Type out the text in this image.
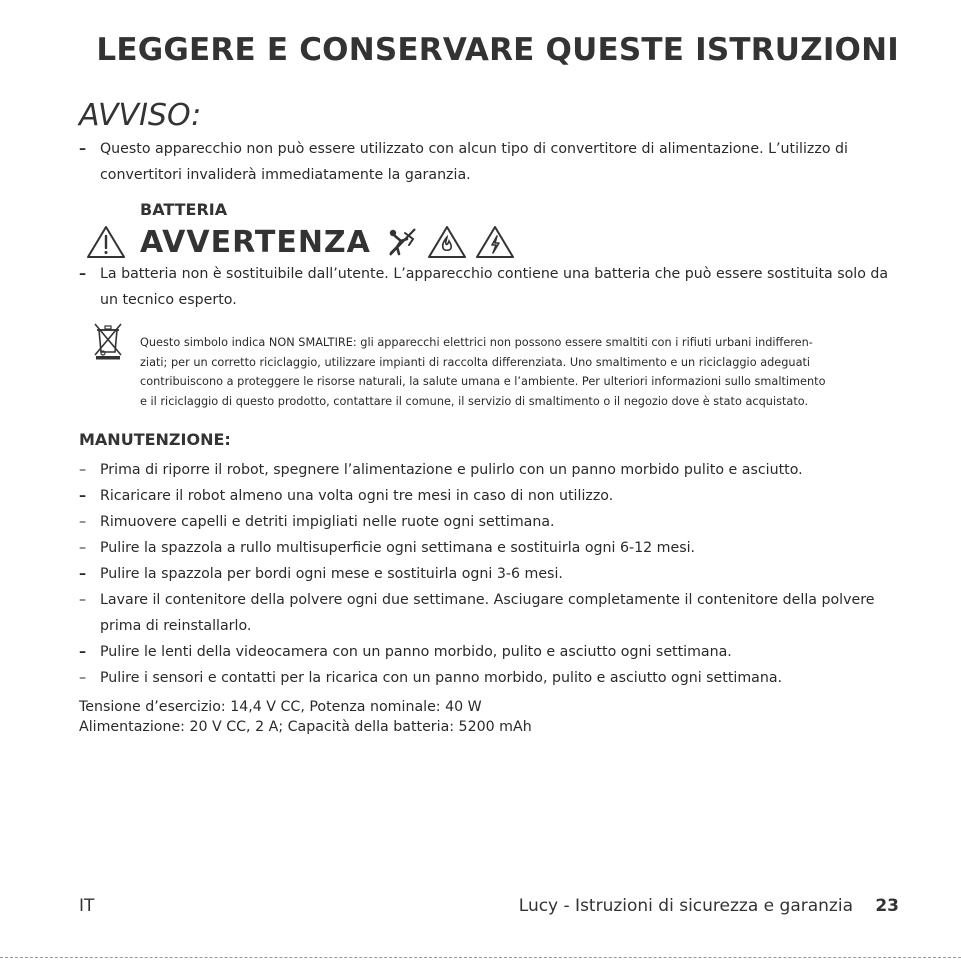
LEGGERE E CONSERVARE QUESTE ISTRUZIONI
AVVISO:
– Questo apparecchio non può essere utilizzato con alcun tipo di convertitore di alimentazione. L’utilizzo di convertitori invaliderà immediatamente la garanzia.
BATTERIA
AVVERTENZA
– La batteria non è sostituibile dall’utente. L’apparecchio contiene una batteria che può essere sostituita solo da un tecnico esperto.
Questo simbolo indica NON SMALTIRE: gli apparecchi elettrici non possono essere smaltiti con i rifiuti urbani indifferen-
ziati; per un corretto riciclaggio, utilizzare impianti di raccolta differenziata. Uno smaltimento e un riciclaggio adeguati
contribuiscono a proteggere le risorse naturali, la salute umana e l’ambiente. Per ulteriori informazioni sullo smaltimento
e il riciclaggio di questo prodotto, contattare il comune, il servizio di smaltimento o il negozio dove è stato acquistato.
MANUTENZIONE:
– Prima di riporre il robot, spegnere l’alimentazione e pulirlo con un panno morbido pulito e asciutto.
– Ricaricare il robot almeno una volta ogni tre mesi in caso di non utilizzo.
– Rimuovere capelli e detriti impigliati nelle ruote ogni settimana.
– Pulire la spazzola a rullo multisuperficie ogni settimana e sostituirla ogni 6-12 mesi.
– Pulire la spazzola per bordi ogni mese e sostituirla ogni 3-6 mesi.
– Lavare il contenitore della polvere ogni due settimane. Asciugare completamente il contenitore della polvere prima di reinstallarlo.
– Pulire le lenti della videocamera con un panno morbido, pulito e asciutto ogni settimana.
– Pulire i sensori e contatti per la ricarica con un panno morbido, pulito e asciutto ogni settimana.
Tensione d’esercizio: 14,4 V CC, Potenza nominale: 40 W
Alimentazione: 20 V CC, 2 A; Capacità della batteria: 5200 mAh
IT	Lucy - Istruzioni di sicurezza e garanzia 23
